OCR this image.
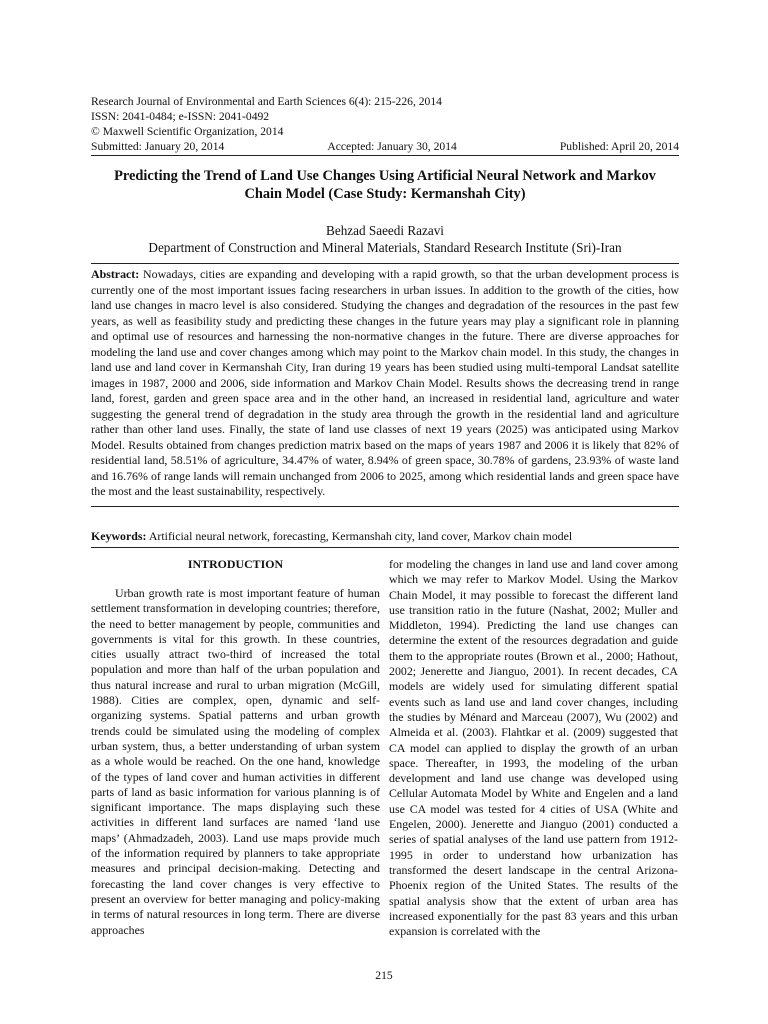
Research Journal of Environmental and Earth Sciences 6(4): 215-226, 2014
ISSN: 2041-0484; e-ISSN: 2041-0492
© Maxwell Scientific Organization, 2014
Submitted: January 20, 2014	Accepted: January 30, 2014	Published: April 20, 2014
Predicting the Trend of Land Use Changes Using Artificial Neural Network and Markov
Chain Model (Case Study: Kermanshah City)
Behzad Saeedi Razavi
Department of Construction and Mineral Materials, Standard Research Institute (Sri)-Iran

Abstract: Nowadays, cities are expanding and developing with a rapid growth, so that the urban development process is currently one of the most important issues facing researchers in urban issues. In addition to the growth of the cities, how land use changes in macro level is also considered. Studying the changes and degradation of the resources in the past few years, as well as feasibility study and predicting these changes in the future years may play a significant role in planning and optimal use of resources and harnessing the non-normative changes in the future. There are diverse approaches for modeling the land use and cover changes among which may point to the Markov chain model. In this study, the changes in land use and land cover in Kermanshah City, Iran during 19 years has been studied using multi-temporal Landsat satellite images in 1987, 2000 and 2006, side information and Markov Chain Model. Results shows the decreasing trend in range land, forest, garden and green space area and in the other hand, an increased in residential land, agriculture and water suggesting the general trend of degradation in the study area through the growth in the residential land and agriculture rather than other land uses. Finally, the state of land use classes of next 19 years (2025) was anticipated using Markov Model. Results obtained from changes prediction matrix based on the maps of years 1987 and 2006 it is likely that 82% of residential land, 58.51% of agriculture, 34.47% of water, 8.94% of green space, 30.78% of gardens, 23.93% of waste land and 16.76% of range lands will remain unchanged from 2006 to 2025, among which residential lands and green space have the most and the least sustainability, respectively.

Keywords: Artificial neural network, forecasting, Kermanshah city, land cover, Markov chain model
INTRODUCTION

Urban growth rate is most important feature of human settlement transformation in developing countries; therefore, the need to better management by people, communities and governments is vital for this growth. In these countries, cities usually attract two-third of increased the total population and more than half of the urban population and thus natural increase and rural to urban migration (McGill, 1988). Cities are complex, open, dynamic and self-organizing systems. Spatial patterns and urban growth trends could be simulated using the modeling of complex urban system, thus, a better understanding of urban system as a whole would be reached. On the one hand, knowledge of the types of land cover and human activities in different parts of land as basic information for various planning is of significant importance. The maps displaying such these activities in different land surfaces are named ‘land use maps’ (Ahmadzadeh, 2003). Land use maps provide much of the information required by planners to take appropriate measures and principal decision-making. Detecting and forecasting the land cover changes is very effective to present an overview for better managing and policy-making in terms of natural resources in long term. There are diverse approaches

for modeling the changes in land use and land cover among which we may refer to Markov Model. Using the Markov Chain Model, it may possible to forecast the different land use transition ratio in the future (Nashat, 2002; Muller and Middleton, 1994). Predicting the land use changes can determine the extent of the resources degradation and guide them to the appropriate routes (Brown et al., 2000; Hathout, 2002; Jenerette and Jianguo, 2001). In recent decades, CA models are widely used for simulating different spatial events such as land use and land cover changes, including the studies by Ménard and Marceau (2007), Wu (2002) and Almeida et al. (2003). Flahtkar et al. (2009) suggested that CA model can applied to display the growth of an urban space. Thereafter, in 1993, the modeling of the urban development and land use change was developed using Cellular Automata Model by White and Engelen and a land use CA model was tested for 4 cities of USA (White and Engelen, 2000). Jenerette and Jianguo (2001) conducted a series of spatial analyses of the land use pattern from 1912-1995 in order to understand how urbanization has transformed the desert landscape in the central Arizona-Phoenix region of the United States. The results of the spatial analysis show that the extent of urban area has increased exponentially for the past 83 years and this urban expansion is correlated with the

215
